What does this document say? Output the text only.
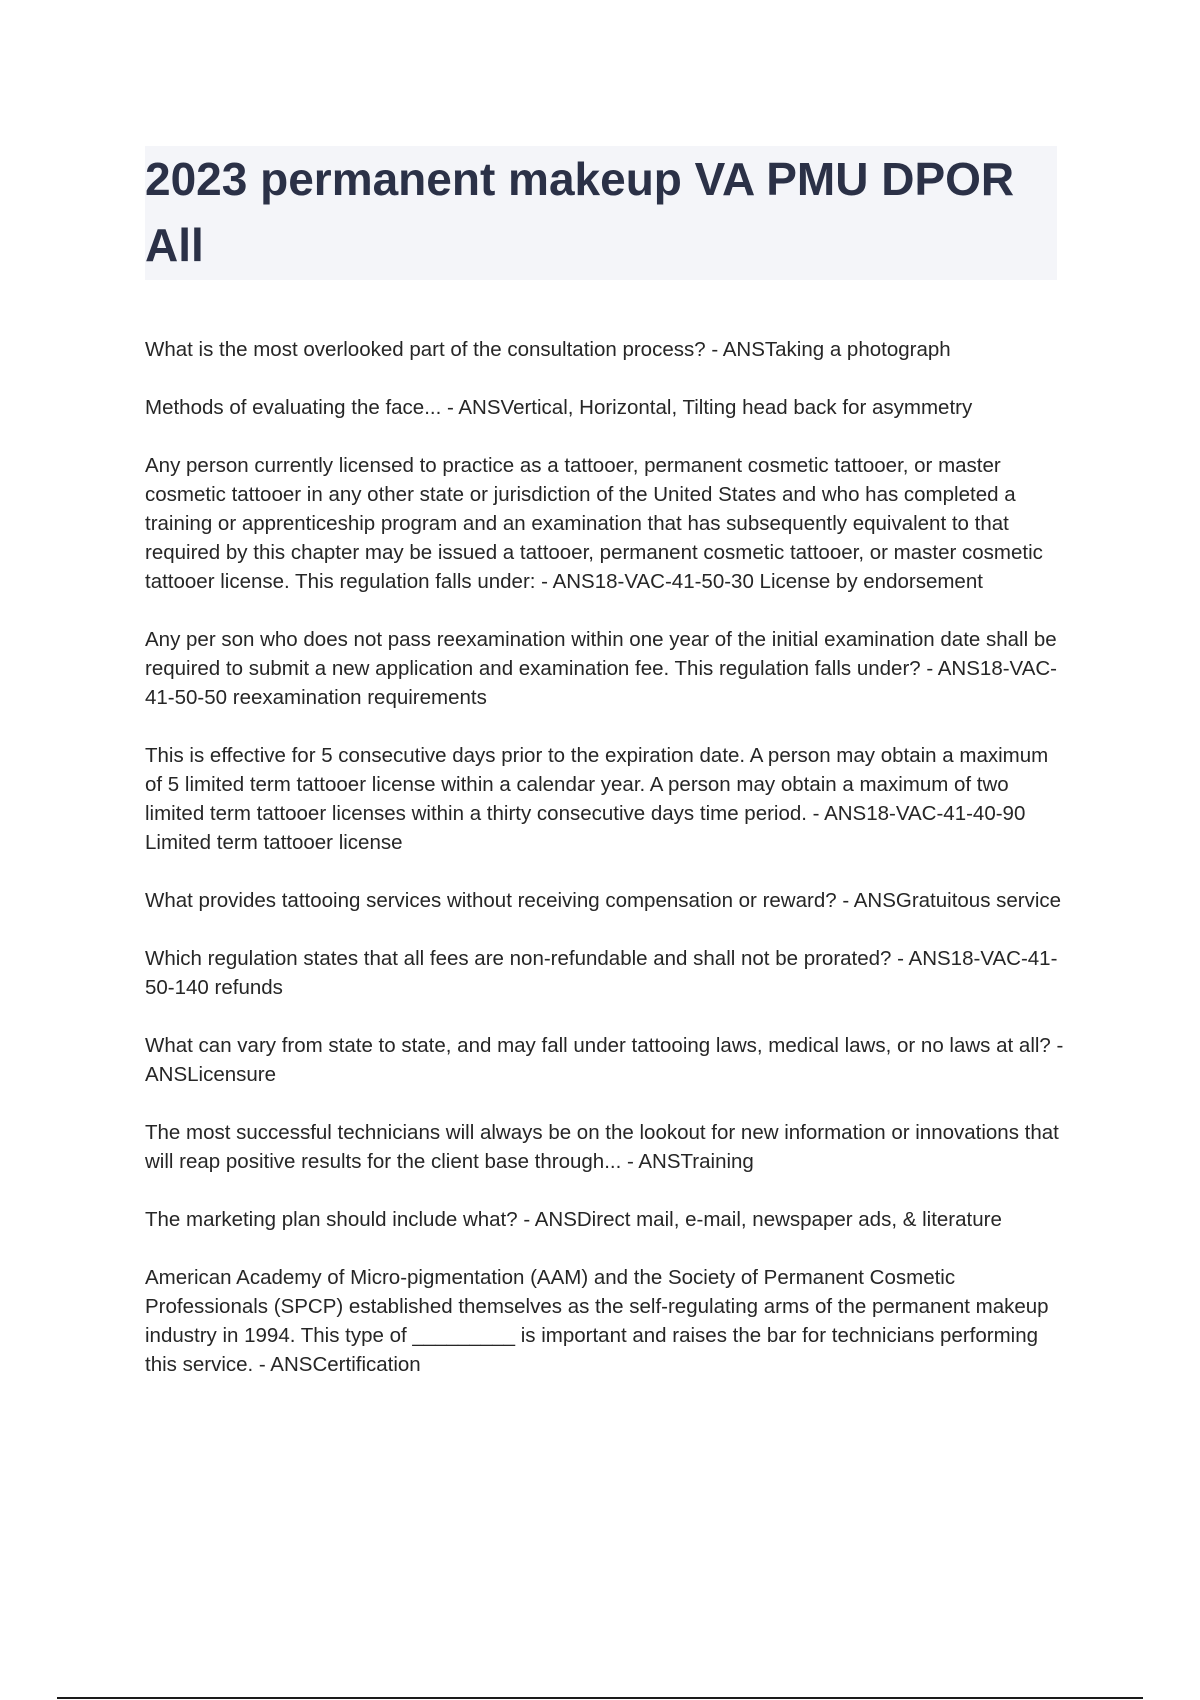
2023 permanent makeup VA PMU DPOR All
What is the most overlooked part of the consultation process? - ANSTaking a photograph
Methods of evaluating the face... - ANSVertical, Horizontal, Tilting head back for asymmetry
Any person currently licensed to practice as a tattooer, permanent cosmetic tattooer, or master cosmetic tattooer in any other state or jurisdiction of the United States and who has completed a training or apprenticeship program and an examination that has subsequently equivalent to that required by this chapter may be issued a tattooer, permanent cosmetic tattooer, or master cosmetic tattooer license. This regulation falls under: - ANS18-VAC-41-50-30 License by endorsement
Any per son who does not pass reexamination within one year of the initial examination date shall be required to submit a new application and examination fee. This regulation falls under? - ANS18-VAC-41-50-50 reexamination requirements
This is effective for 5 consecutive days prior to the expiration date. A person may obtain a maximum of 5 limited term tattooer license within a calendar year. A person may obtain a maximum of two limited term tattooer licenses within a thirty consecutive days time period. - ANS18-VAC-41-40-90 Limited term tattooer license
What provides tattooing services without receiving compensation or reward? - ANSGratuitous service
Which regulation states that all fees are non-refundable and shall not be prorated? - ANS18-VAC-41-50-140 refunds
What can vary from state to state, and may fall under tattooing laws, medical laws, or no laws at all? - ANSLicensure
The most successful technicians will always be on the lookout for new information or innovations that will reap positive results for the client base through... - ANSTraining
The marketing plan should include what? - ANSDirect mail, e-mail, newspaper ads, & literature
American Academy of Micro-pigmentation (AAM) and the Society of Permanent Cosmetic Professionals (SPCP) established themselves as the self-regulating arms of the permanent makeup industry in 1994. This type of _________ is important and raises the bar for technicians performing this service. - ANSCertification
